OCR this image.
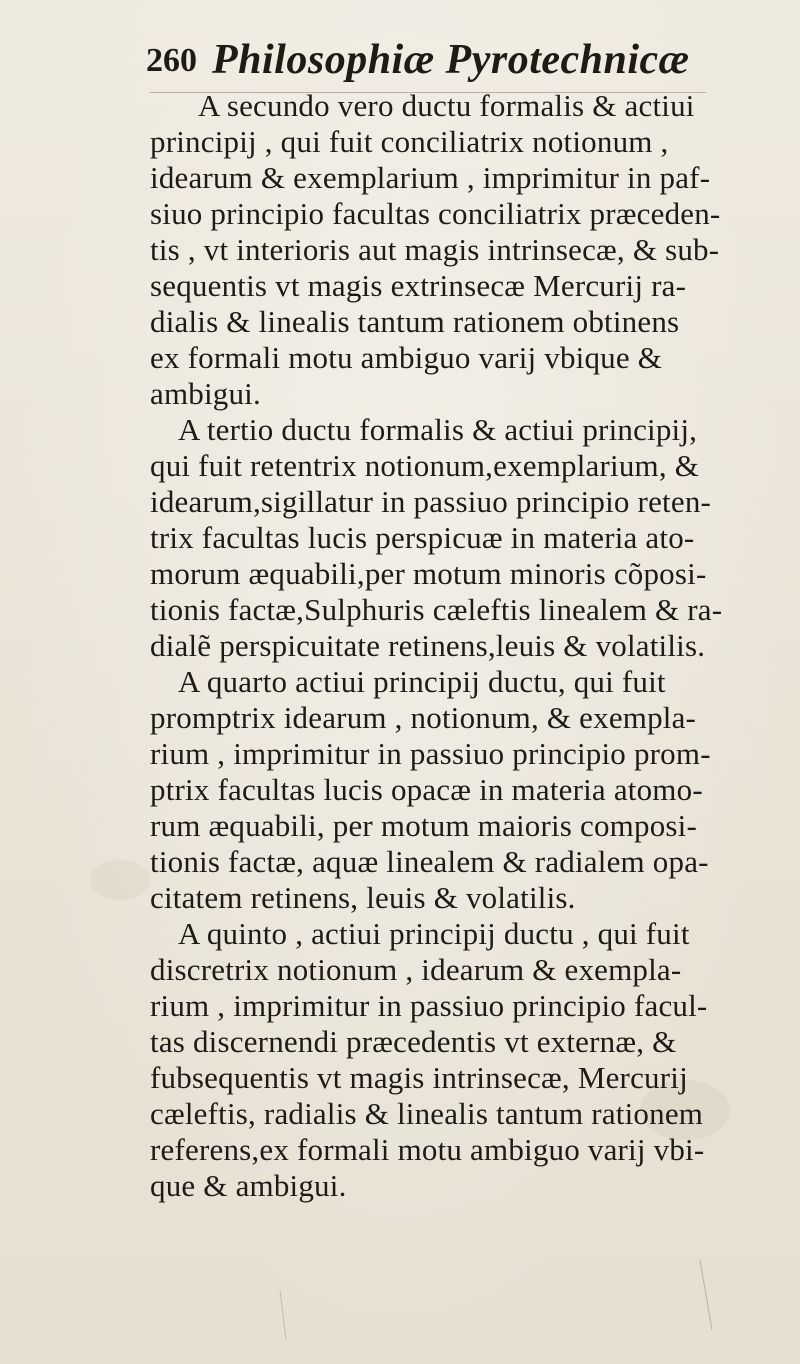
260 Philosophiæ Pyrotechnicæ
A secundo vero ductu formalis & actiui
principij , qui fuit conciliatrix notionum ,
idearum & exemplarium , imprimitur in paf-
siuo principio facultas conciliatrix præceden-
tis , vt interioris aut magis intrinsecæ, & sub-
sequentis vt magis extrinsecæ Mercurij ra-
dialis & linealis tantum rationem obtinens
ex formali motu ambiguo varij vbique &
ambigui.
A tertio ductu formalis & actiui principij,
qui fuit retentrix notionum,exemplarium, &
idearum,sigillatur in passiuo principio reten-
trix facultas lucis perspicuæ in materia ato-
morum æquabili,per motum minoris cõposi-
tionis factæ,Sulphuris cæleftis linealem & ra-
dialẽ perspicuitate retinens,leuis & volatilis.
A quarto actiui principij ductu, qui fuit
promptrix idearum , notionum, & exempla-
rium , imprimitur in passiuo principio prom-
ptrix facultas lucis opacæ in materia atomo-
rum æquabili, per motum maioris composi-
tionis factæ, aquæ linealem & radialem opa-
citatem retinens, leuis & volatilis.
A quinto , actiui principij ductu , qui fuit
discretrix notionum , idearum & exempla-
rium , imprimitur in passiuo principio facul-
tas discernendi præcedentis vt externæ, &
fubsequentis vt magis intrinsecæ, Mercurij
cæleftis, radialis & linealis tantum rationem
referens,ex formali motu ambiguo varij vbi-
que & ambigui.
